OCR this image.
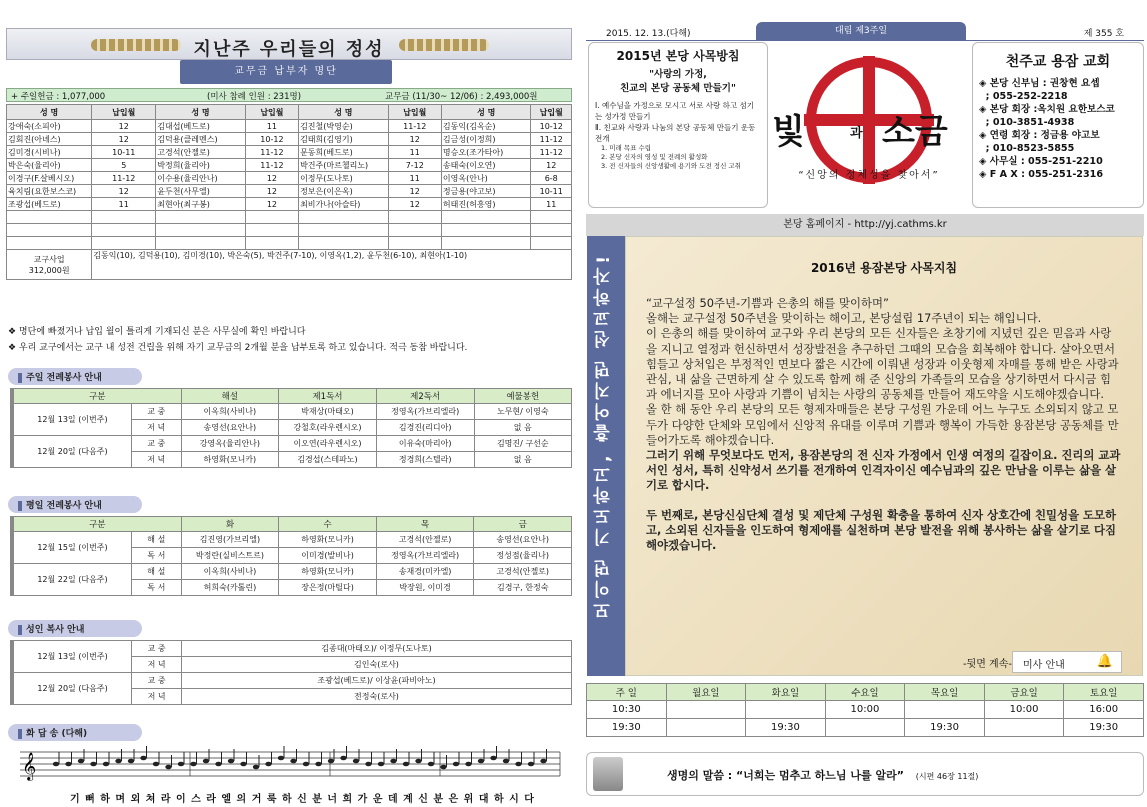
지난주 우리들의 정성
교무금 납부자 명단
+ 주일헌금 : 1,077,000	(미사 참례 인원 : 231명)	교무금 (11/30~ 12/06) : 2,493,000원
성 명	납입월	성 명	납입월	성 명	납입월	성 명	납입월
강애숙(소피아)	12	김대섭(베드로)	11	김진철(박영순)	11-12	김동익(김옥순)	10-12
김회진(아녜스)	12	김덕용(클레멘스)	10-12	김태희(김영기)	12	김금성(이정희)	11-12
김미경(시비나)	10-11	고경석(안젤로)	11-12	문동희(베드로)	11	명승오(조가타아)	11-12
박은숙(율리아)	5	박정희(율리아)	11-12	박건주(마르첼리노)	7-12	송태숙(이오연)	12
이경구(F.살베시오)	11-12	이수용(율리안나)	12	이정무(도나토)	11	이영옥(안나)	6-8
육치림(요한보스코)	12	윤두천(사무엘)	12	정보은(이은옥)	12	정금용(야고보)	10-11
조광섭(베드로)	11	최현아(최구봉)	12	최비가나(아슬타)	12	허태진(허흥영)	11

교구사업
312,000원	김동익(10), 김덕용(10), 김미경(10), 박은숙(5), 박건주(7-10), 이영옥(1,2), 윤두천(6-10), 최현아(1-10)						
❖ 명단에 빠졌거나 납입 월이 틀리게 기재되신 분은 사무실에 확인 바랍니다
❖ 우리 교구에서는 교구 내 성전 건립을 위해 자기 교무금의 2개월 분을 납부토록 하고 있습니다. 적극 동참 바랍니다.
주일 전례봉사 안내
구분		해설	제1독서	제2독서	예물봉헌
12월 13일 (이번주)	교 중	이옥희(사비나)	박재상(마태오)	정영옥(가브리엘라)	노무현/ 이영숙
	저 녁	송영선(요안나)	강철호(라우렌시오)	김경진(리디아)	없 음
12월 20일 (다음주)	교 중	강영옥(율리안나)	이오연(라우렌시오)	이유숙(마리아)	김명진/ 구선순
	저 녁	하영화(모니카)	김경섭(스테파노)	정경희(스텔라)	없 음
평일 전례봉사 안내
구분		화	수	목	금
12월 15일 (이번주)	해 설	김진영(가브리엘)	하영화(모니카)	고경석(안젤로)	송영선(요안나)
	독 서	박정란(실비스트르)	이미경(발비나)	정영옥(가브리엘라)	정성점(율리나)
12월 22일 (다음주)	해 설	이옥희(사비나)	하영화(모니카)	송재경(미카엘)	고경석(안젤로)
	독 서	허희숙(카톨린)	장은정(마틸다)	박장원, 이미경	김경구, 한정숙
성인 복사 안내
12월 13일 (이번주)	교 중	김종대(마태오)/ 이정무(도나토)
	저 녁	김인숙(로사)
12월 20일 (다음주)	교 중	조광섭(베드로)/ 이상윤(파비아노)
	저 녁	전정숙(로사)
화 답 송 (다해)
𝄞
기 뻐 하 며 외 쳐 라 이 스 라 엘 의 거 룩 하 신 분 너 희 가 운 데 계 신 분 은 위 대 하 시 다
2015. 12. 13.(다해)	대림 제3주일	제 355 호
2015년 본당 사목방침
"사랑의 가정,
친교의 본당 공동체 만들기"
Ⅰ. 예수님을 가정으로 모시고 서로 사랑 하고 섬기는 성가정 만들기
Ⅱ. 친교와 사랑과 나눔의 본당 공동체 만들기 운동 전개
1. 미래 목표 수립
2. 본당 신자의 영성 및 전례의 활성화
3. 전 신자들의 신앙생활에 용기와 도전 정신 고취
빛	과 소금
“신앙의 정체성을 찾아서”
천주교 용잠 교회
◈ 본당 신부님 : 권창현 요셉
; 055-252-2218
◈ 본당 회장 :옥치원 요한보스코
; 010-3851-4938
◈ 연령 회장 : 정금용 야고보
; 010-8523-5855
◈ 사무실 : 055-251-2210
◈ F A X : 055-251-2316
본당 홈페이지 - http://yj.cathms.kr
모이면 기도하고, 흩어지면 선교하자!	2016년 용잠본당 사목지침

“교구설정 50주년-기쁨과 은총의 해를 맞이하며”

올해는 교구설정 50주년을 맞이하는 해이고, 본당설립 17주년이 되는 해입니다.

이 은총의 해를 맞이하여 교구와 우리 본당의 모든 신자들은 초창기에 지녔던 깊은 믿음과 사랑을 지니고 열정과 헌신하면서 성장발전을 추구하던 그때의 모습을 회복해야 합니다. 살아오면서 힘들고 상처입은 부정적인 면보다 짧은 시간에 이뤄낸 성장과 이웃형제 자매를 통해 받은 사랑과 관심, 내 삶을 근면하게 살 수 있도록 함께 해 준 신앙의 가족들의 모습을 상기하면서 다시금 힘과 에너지를 모아 사랑과 기쁨이 넘치는 사랑의 공동체를 만들어 재도약을 시도해야겠습니다.

올 한 해 동안 우리 본당의 모든 형제자매들은 본당 구성원 가운데 어느 누구도 소외되지 않고 모두가 다양한 단체와 모임에서 신앙적 유대를 이루며 기쁨과 행복이 가득한 용잠본당 공동체를 만들어가도록 해야겠습니다.

그러기 위해 무엇보다도 먼저, 용잠본당의 전 신자 가정에서 인생 여정의 길잡이요. 진리의 교과서인 성서, 특히 신약성서 쓰기를 전개하여 인격자이신 예수님과의 깊은 만남을 이루는 삶을 살기로 합시다.

두 번째로, 본당신심단체 결성 및 제단체 구성원 확충을 통하여 신자 상호간에 친밀성을 도모하고, 소외된 신자들을 인도하여 형제애를 실천하며 본당 발전을 위해 봉사하는 삶을 살기로 다짐해야겠습니다.

-뒷면 계속-	미사 안내 🔔
주 일	월요일	화요일	수요일	목요일	금요일	토요일
10:30			10:00		10:00	16:00
19:30		19:30		19:30		19:30
생명의 말씀 : “너희는 멈추고 하느님 나를 알라” (시편 46장 11절)
